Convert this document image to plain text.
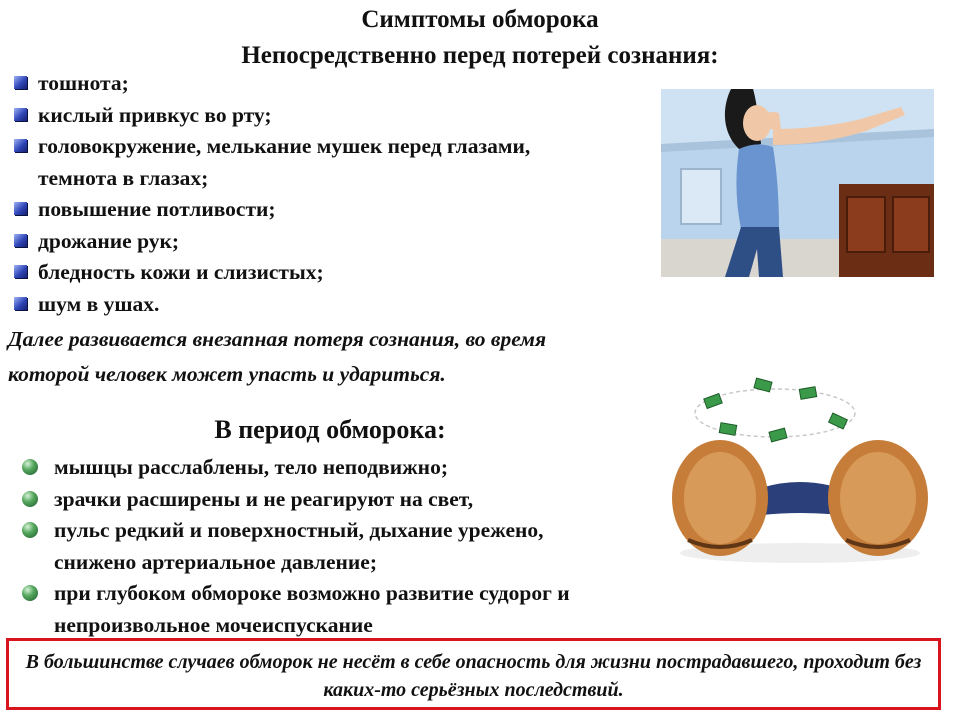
Симптомы обморока
Непосредственно перед потерей сознания:
тошнота;
кислый привкус во рту;
головокружение, мелькание мушек перед глазами, темнота в глазах;
повышение потливости;
дрожание рук;
бледность кожи и слизистых;
шум в ушах.
Далее развивается внезапная потеря сознания, во время которой человек может упасть и удариться.
В период обморока:
мышцы расслаблены, тело неподвижно;
зрачки расширены и не реагируют на свет,
пульс редкий и поверхностный, дыхание урежено, снижено артериальное давление;
при глубоком обмороке возможно развитие судорог и непроизвольное мочеиспускание
В большинстве случаев обморок не несёт в себе опасность для жизни пострадавшего, проходит без каких-то серьёзных последствий.
